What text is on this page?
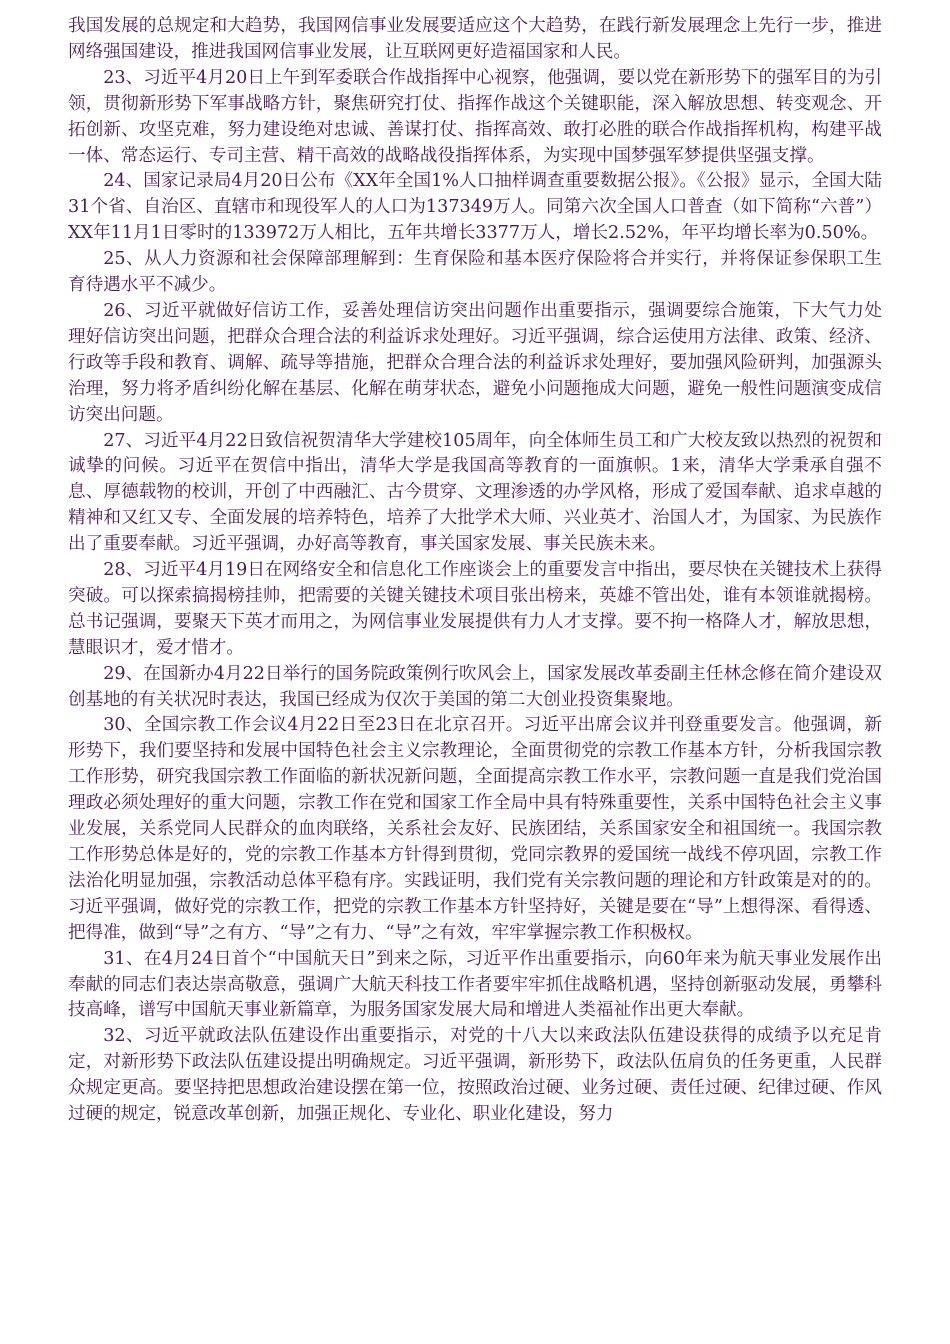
我国发展的总规定和大趋势，我国网信事业发展要适应这个大趋势，在践行新发展理念上先行一步，推进网络强国建设，推进我国网信事业发展，让互联网更好造福国家和人民。

23、习近平4月20日上午到军委联合作战指挥中心视察，他强调，要以党在新形势下的强军目的为引领，贯彻新形势下军事战略方针，聚焦研究打仗、指挥作战这个关键职能，深入解放思想、转变观念、开拓创新、攻坚克难，努力建设绝对忠诚、善谋打仗、指挥高效、敢打必胜的联合作战指挥机构，构建平战一体、常态运行、专司主营、精干高效的战略战役指挥体系，为实现中国梦强军梦提供坚强支撑。

24、国家记录局4月20日公布《XX年全国1%人口抽样调查重要数据公报》。《公报》显示，全国大陆31个省、自治区、直辖市和现役军人的人口为137349万人。同第六次全国人口普查（如下简称“六普”）XX年11月1日零时的133972万人相比，五年共增长3377万人，增长2.52%，年平均增长率为0.50%。

25、从人力资源和社会保障部理解到：生育保险和基本医疗保险将合并实行，并将保证参保职工生育待遇水平不减少。

26、习近平就做好信访工作，妥善处理信访突出问题作出重要指示，强调要综合施策，下大气力处理好信访突出问题，把群众合理合法的利益诉求处理好。习近平强调，综合运使用方法律、政策、经济、行政等手段和教育、调解、疏导等措施，把群众合理合法的利益诉求处理好，要加强风险研判，加强源头治理，努力将矛盾纠纷化解在基层、化解在萌芽状态，避免小问题拖成大问题，避免一般性问题演变成信访突出问题。

27、习近平4月22日致信祝贺清华大学建校105周年，向全体师生员工和广大校友致以热烈的祝贺和诚挚的问候。习近平在贺信中指出，清华大学是我国高等教育的一面旗帜。1来，清华大学秉承自强不息、厚德载物的校训，开创了中西融汇、古今贯穿、文理渗透的办学风格，形成了爱国奉献、追求卓越的精神和又红又专、全面发展的培养特色，培养了大批学术大师、兴业英才、治国人才，为国家、为民族作出了重要奉献。习近平强调，办好高等教育，事关国家发展、事关民族未来。

28、习近平4月19日在网络安全和信息化工作座谈会上的重要发言中指出，要尽快在关键技术上获得突破。可以探索搞揭榜挂帅，把需要的关键关键技术项目张出榜来，英雄不管出处，谁有本领谁就揭榜。总书记强调，要聚天下英才而用之，为网信事业发展提供有力人才支撑。要不拘一格降人才，解放思想，慧眼识才，爱才惜才。

29、在国新办4月22日举行的国务院政策例行吹风会上，国家发展改革委副主任林念修在简介建设双创基地的有关状况时表达，我国已经成为仅次于美国的第二大创业投资集聚地。

30、全国宗教工作会议4月22日至23日在北京召开。习近平出席会议并刊登重要发言。他强调，新形势下，我们要坚持和发展中国特色社会主义宗教理论，全面贯彻党的宗教工作基本方针，分析我国宗教工作形势，研究我国宗教工作面临的新状况新问题，全面提高宗教工作水平，宗教问题一直是我们党治国理政必须处理好的重大问题，宗教工作在党和国家工作全局中具有特殊重要性，关系中国特色社会主义事业发展，关系党同人民群众的血肉联络，关系社会友好、民族团结，关系国家安全和祖国统一。我国宗教工作形势总体是好的，党的宗教工作基本方针得到贯彻，党同宗教界的爱国统一战线不停巩固，宗教工作法治化明显加强，宗教活动总体平稳有序。实践证明，我们党有关宗教问题的理论和方针政策是对的的。习近平强调，做好党的宗教工作，把党的宗教工作基本方针坚持好，关键是要在“导”上想得深、看得透、把得准，做到“导”之有方、“导”之有力、“导”之有效，牢牢掌握宗教工作积极权。

31、在4月24日首个“中国航天日”到来之际，习近平作出重要指示，向60年来为航天事业发展作出奉献的同志们表达崇高敬意，强调广大航天科技工作者要牢牢抓住战略机遇，坚持创新驱动发展，勇攀科技高峰，谱写中国航天事业新篇章，为服务国家发展大局和增进人类福祉作出更大奉献。

32、习近平就政法队伍建设作出重要指示，对党的十八大以来政法队伍建设获得的成绩予以充足肯定，对新形势下政法队伍建设提出明确规定。习近平强调，新形势下，政法队伍肩负的任务更重，人民群众规定更高。要坚持把思想政治建设摆在第一位，按照政治过硬、业务过硬、责任过硬、纪律过硬、作风过硬的规定，锐意改革创新，加强正规化、专业化、职业化建设，努力
